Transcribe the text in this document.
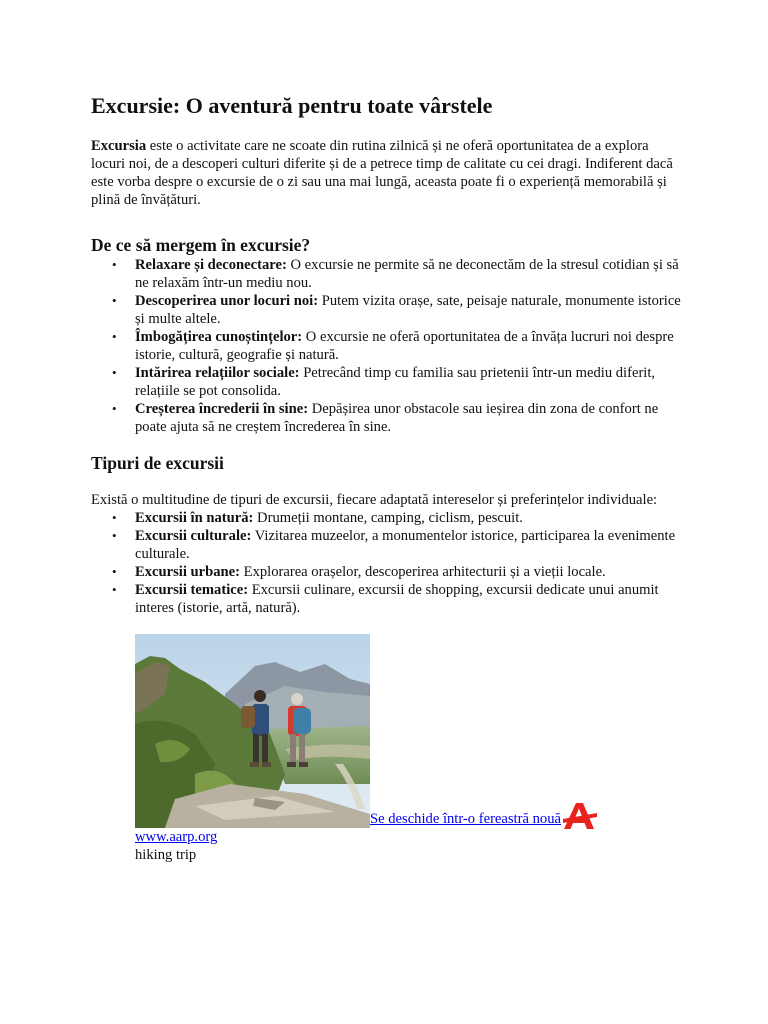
Excursie: O aventură pentru toate vârstele

Excursia este o activitate care ne scoate din rutina zilnică și ne oferă oportunitatea de a explora locuri noi, de a descoperi culturi diferite și de a petrece timp de calitate cu cei dragi. Indiferent dacă este vorba despre o excursie de o zi sau una mai lungă, aceasta poate fi o experiență memorabilă și plină de învățături.

De ce să mergem în excursie?
• Relaxare și deconectare: O excursie ne permite să ne deconectăm de la stresul cotidian și să ne relaxăm într-un mediu nou.
• Descoperirea unor locuri noi: Putem vizita orașe, sate, peisaje naturale, monumente istorice și multe altele.
• Îmbogățirea cunoștințelor: O excursie ne oferă oportunitatea de a învăța lucruri noi despre istorie, cultură, geografie și natură.
• Intărirea relațiilor sociale: Petrecând timp cu familia sau prietenii într-un mediu diferit, relațiile se pot consolida.
• Creșterea încrederii în sine: Depășirea unor obstacole sau ieșirea din zona de confort ne poate ajuta să ne creștem încrederea în sine.
Tipuri de excursii

Există o multitudine de tipuri de excursii, fiecare adaptată intereselor și preferințelor individuale:

• Excursii în natură: Drumeții montane, camping, ciclism, pescuit.
• Excursii culturale: Vizitarea muzeelor, a monumentelor istorice, participarea la evenimente culturale.
• Excursii urbane: Explorarea orașelor, descoperirea arhitecturii și a vieții locale.
• Excursii tematice: Excursii culinare, excursii de shopping, excursii dedicate unui anumit interes (istorie, artă, natură).
Se deschide într-o fereastră nouă
www.aarp.org
hiking trip
